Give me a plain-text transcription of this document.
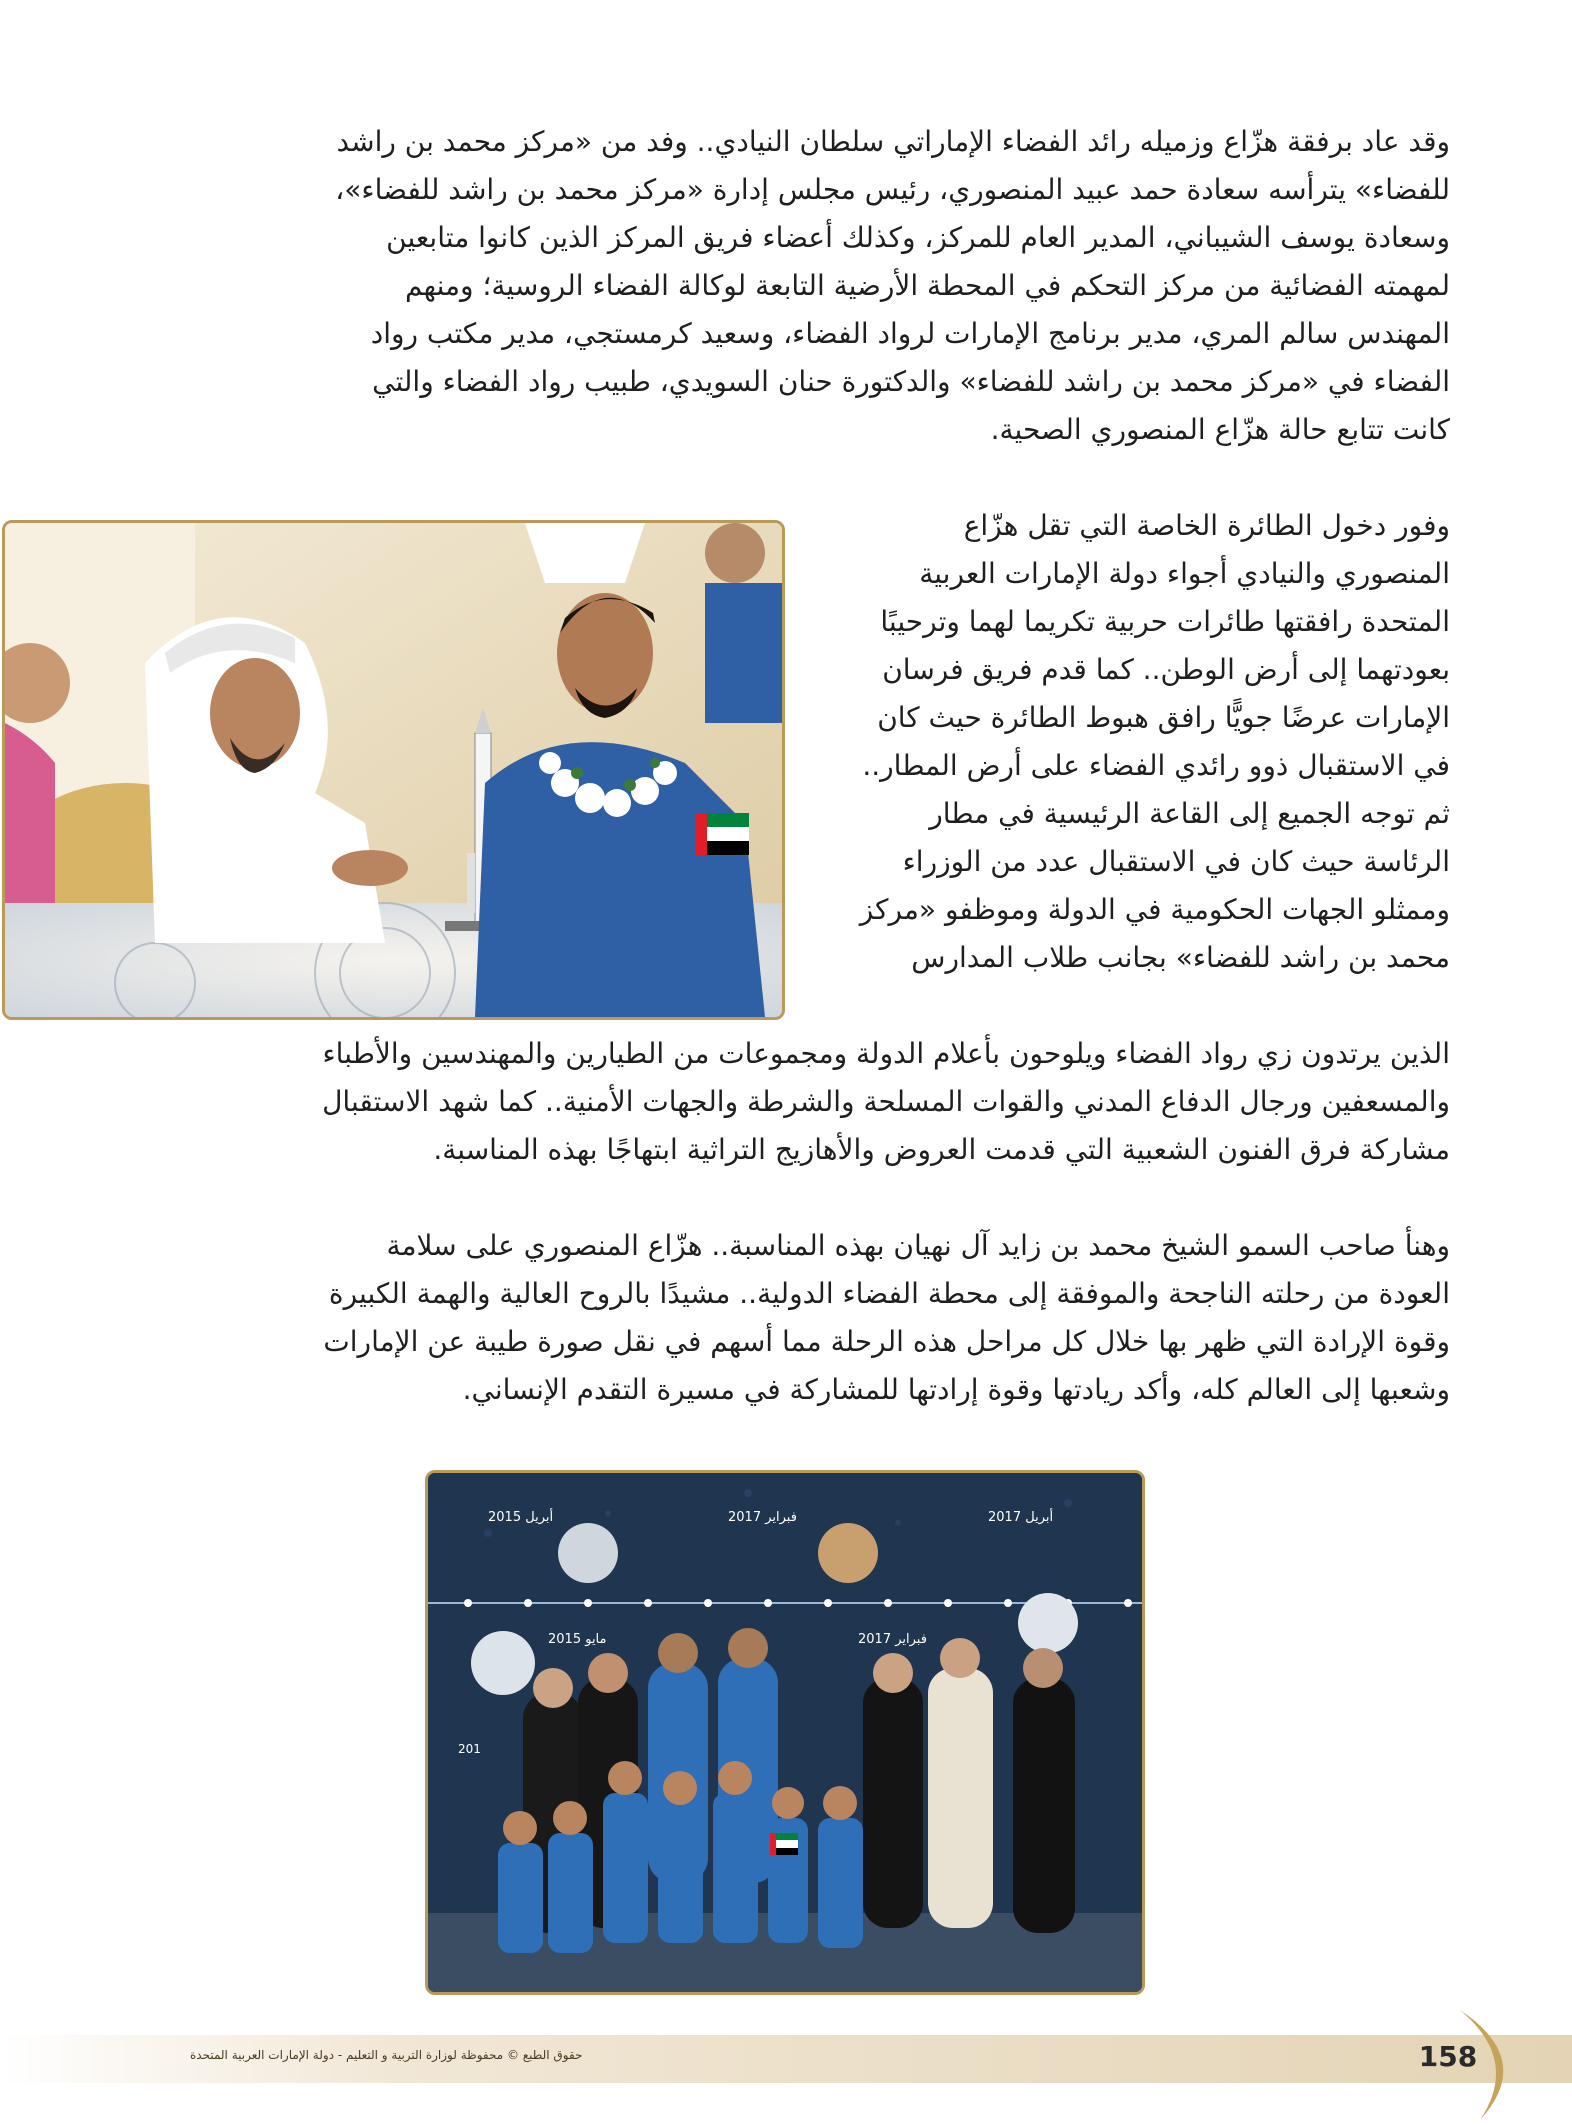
وقد عاد برفقة هزّاع وزميله رائد الفضاء الإماراتي سلطان النيادي.. وفد من «مركز محمد بن راشد
للفضاء» يترأسه سعادة حمد عبيد المنصوري، رئيس مجلس إدارة «مركز محمد بن راشد للفضاء»،
وسعادة يوسف الشيباني، المدير العام للمركز، وكذلك أعضاء فريق المركز الذين كانوا متابعين
لمهمته الفضائية من مركز التحكم في المحطة الأرضية التابعة لوكالة الفضاء الروسية؛ ومنهم
المهندس سالم المري، مدير برنامج الإمارات لرواد الفضاء، وسعيد كرمستجي، مدير مكتب رواد
الفضاء في «مركز محمد بن راشد للفضاء» والدكتورة حنان السويدي، طبيب رواد الفضاء والتي
كانت تتابع حالة هزّاع المنصوري الصحية.
وفور دخول الطائرة الخاصة التي تقل هزّاع
المنصوري والنيادي أجواء دولة الإمارات العربية
المتحدة رافقتها طائرات حربية تكريما لهما وترحيبًا
بعودتهما إلى أرض الوطن.. كما قدم فريق فرسان
الإمارات عرضًا جويًّا رافق هبوط الطائرة حيث كان
في الاستقبال ذوو رائدي الفضاء على أرض المطار..
ثم توجه الجميع إلى القاعة الرئيسية في مطار
الرئاسة حيث كان في الاستقبال عدد من الوزراء
وممثلو الجهات الحكومية في الدولة وموظفو «مركز
محمد بن راشد للفضاء» بجانب طلاب المدارس
الذين يرتدون زي رواد الفضاء ويلوحون بأعلام الدولة ومجموعات من الطيارين والمهندسين والأطباء
والمسعفين ورجال الدفاع المدني والقوات المسلحة والشرطة والجهات الأمنية.. كما شهد الاستقبال
مشاركة فرق الفنون الشعبية التي قدمت العروض والأهازيج التراثية ابتهاجًا بهذه المناسبة.
وهنأ صاحب السمو الشيخ محمد بن زايد آل نهيان بهذه المناسبة.. هزّاع المنصوري على سلامة
العودة من رحلته الناجحة والموفقة إلى محطة الفضاء الدولية.. مشيدًا بالروح العالية والهمة الكبيرة
وقوة الإرادة التي ظهر بها خلال كل مراحل هذه الرحلة مما أسهم في نقل صورة طيبة عن الإمارات
وشعبها إلى العالم كله، وأكد ريادتها وقوة إرادتها للمشاركة في مسيرة التقدم الإنساني.
أبريل 2015	فبراير 2017	أبريل 2017
مايو 2015	فبراير 2017
201
حقوق الطبع © محفوظة لوزارة التربية و التعليم - دولة الإمارات العربية المتحدة	158
